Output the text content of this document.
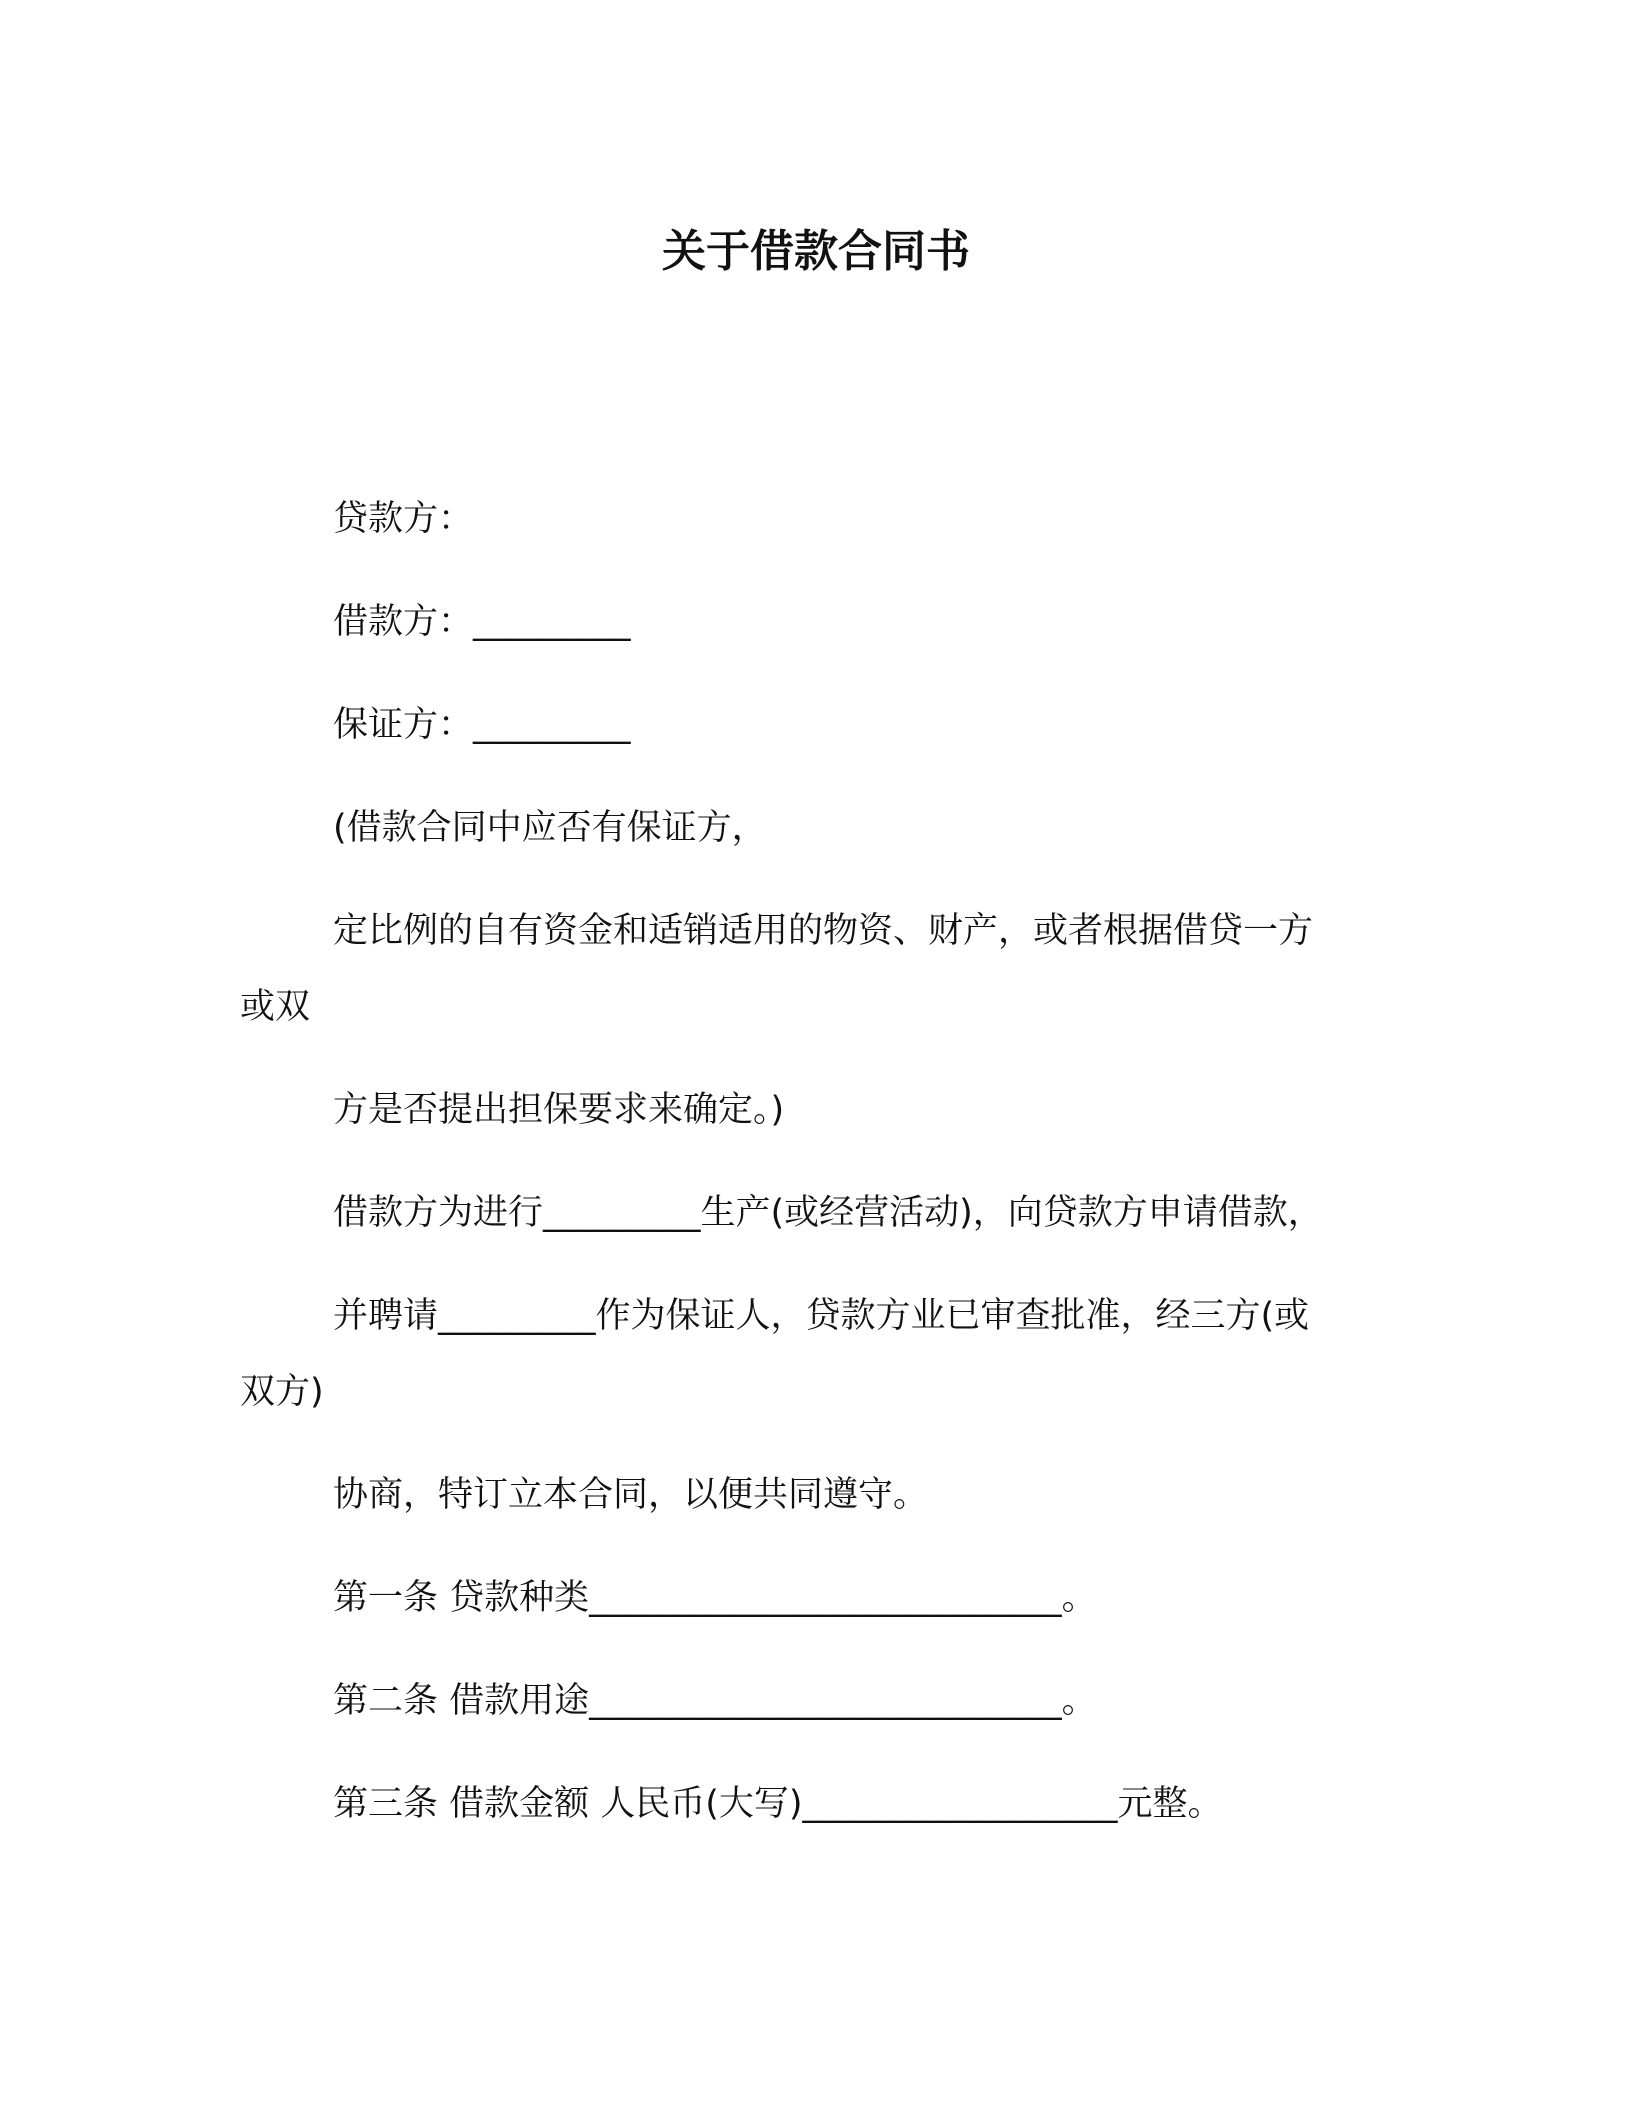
关于借款合同书
贷款方：
借款方：_________
保证方：_________
(借款合同中应否有保证方，
定比例的自有资金和适销适用的物资、财产，或者根据借贷一方
或双
方是否提出担保要求来确定。)
借款方为进行_________生产(或经营活动)，向贷款方申请借款，
并聘请_________作为保证人，贷款方业已审查批准，经三方(或
双方)
协商，特订立本合同，以便共同遵守。
第一条 贷款种类___________________________。
第二条 借款用途___________________________。
第三条 借款金额 人民币(大写)__________________元整。
